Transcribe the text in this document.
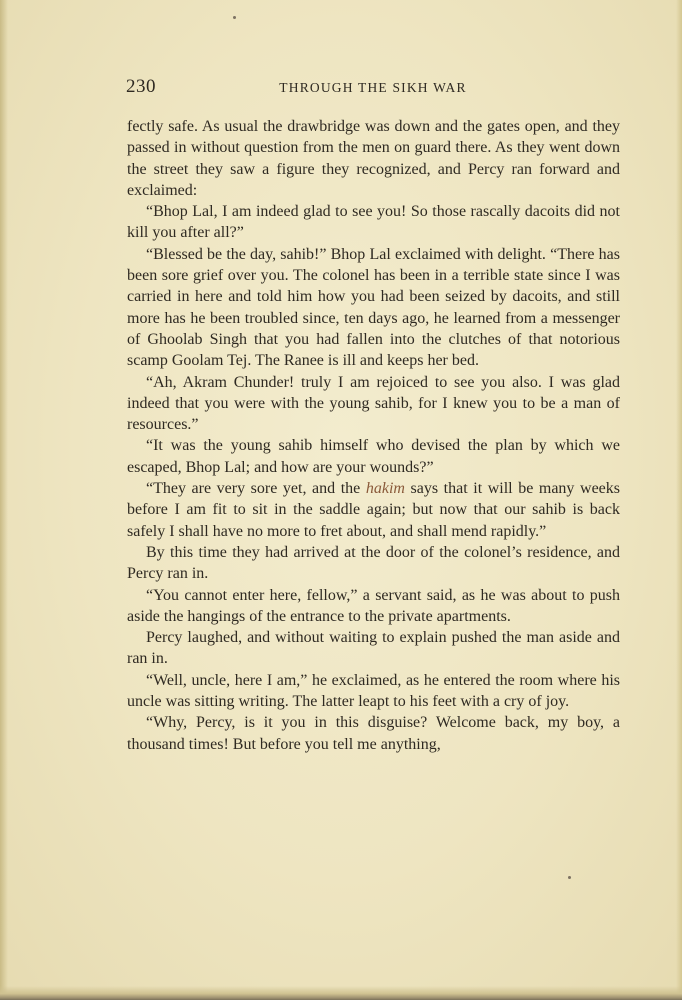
230	THROUGH THE SIKH WAR

fectly safe. As usual the drawbridge was down and the gates open, and they passed in without question from the men on guard there. As they went down the street they saw a figure they recognized, and Percy ran forward and exclaimed:

“Bhop Lal, I am indeed glad to see you! So those rascally dacoits did not kill you after all?”

“Blessed be the day, sahib!” Bhop Lal exclaimed with delight. “There has been sore grief over you. The colonel has been in a terrible state since I was carried in here and told him how you had been seized by dacoits, and still more has he been troubled since, ten days ago, he learned from a messenger of Ghoolab Singh that you had fallen into the clutches of that notorious scamp Goolam Tej. The Ranee is ill and keeps her bed.

“Ah, Akram Chunder! truly I am rejoiced to see you also. I was glad indeed that you were with the young sahib, for I knew you to be a man of resources.”

“It was the young sahib himself who devised the plan by which we escaped, Bhop Lal; and how are your wounds?”

“They are very sore yet, and the hakim says that it will be many weeks before I am fit to sit in the saddle again; but now that our sahib is back safely I shall have no more to fret about, and shall mend rapidly.”

By this time they had arrived at the door of the colonel’s residence, and Percy ran in.

“You cannot enter here, fellow,” a servant said, as he was about to push aside the hangings of the entrance to the private apartments.

Percy laughed, and without waiting to explain pushed the man aside and ran in.

“Well, uncle, here I am,” he exclaimed, as he entered the room where his uncle was sitting writing. The latter leapt to his feet with a cry of joy.

“Why, Percy, is it you in this disguise? Welcome back, my boy, a thousand times! But before you tell me anything,
